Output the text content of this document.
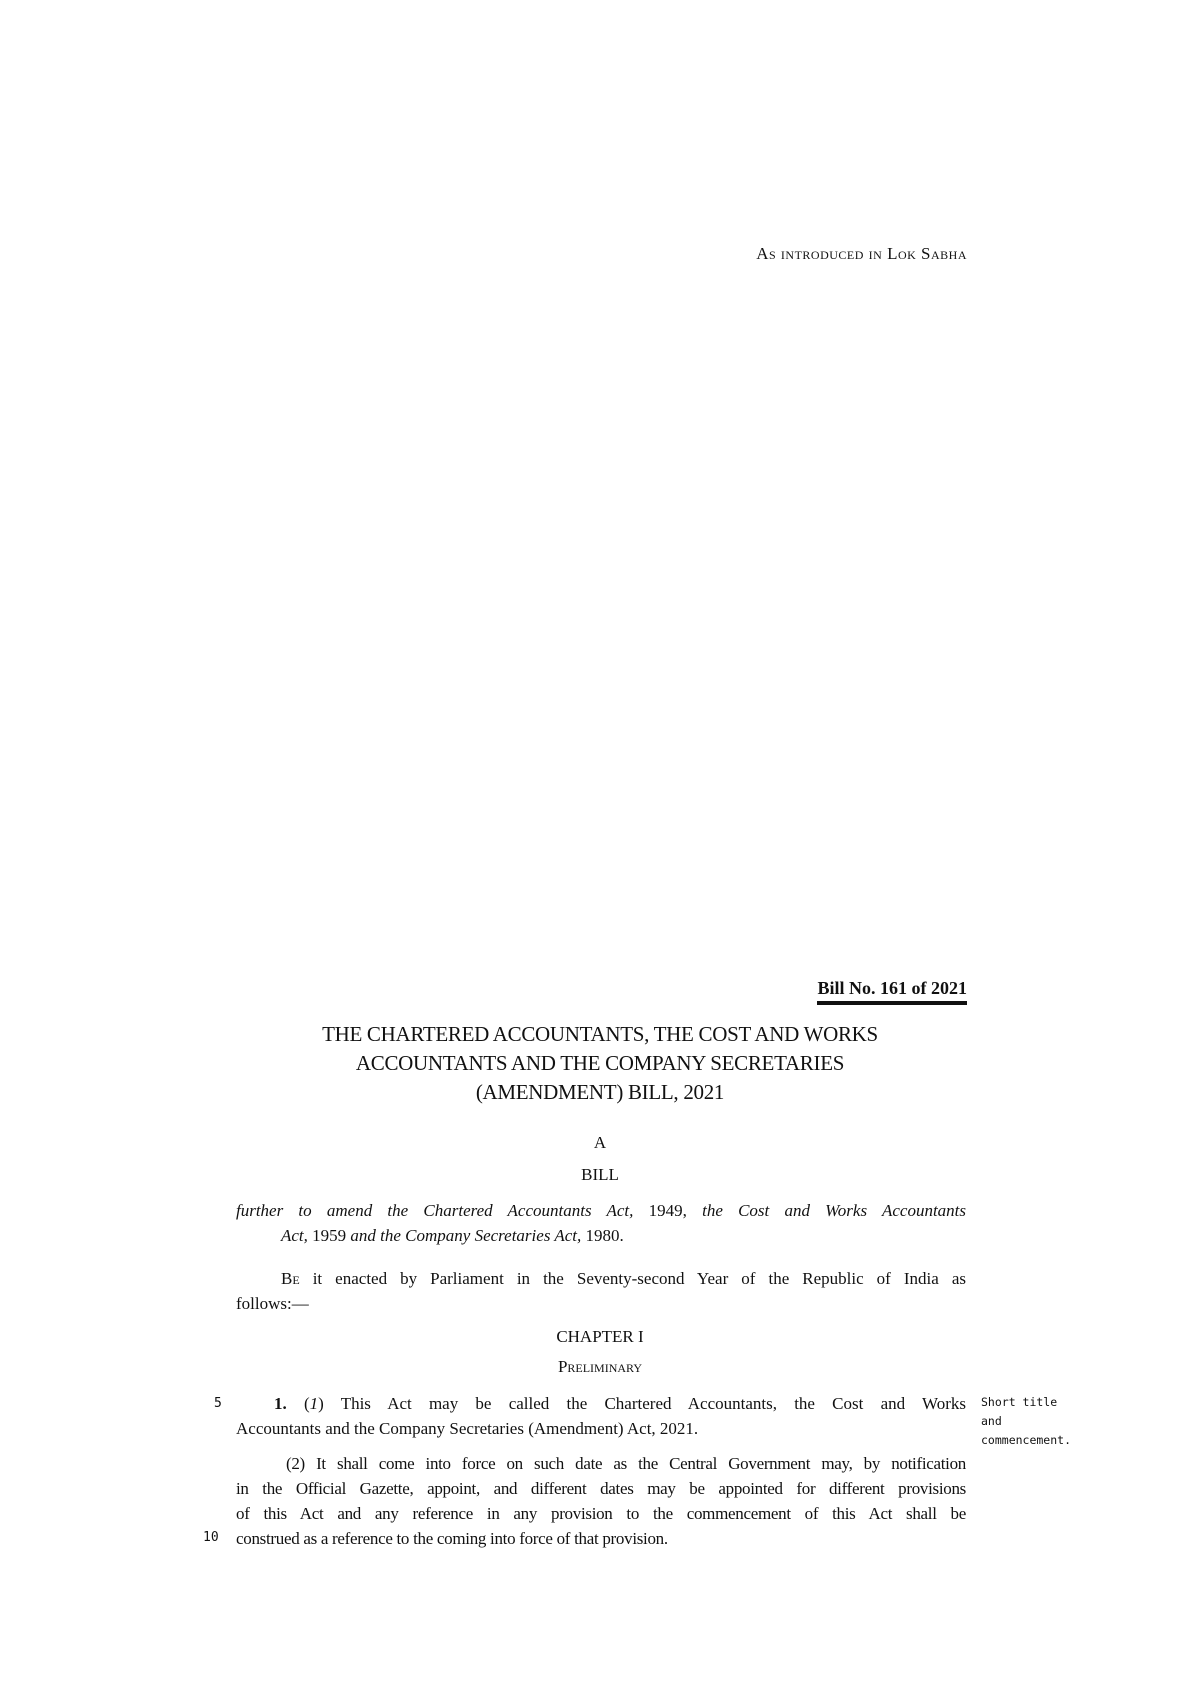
As introduced in Lok Sabha
Bill No. 161 of 2021
THE CHARTERED ACCOUNTANTS, THE COST AND WORKS
ACCOUNTANTS AND THE COMPANY SECRETARIES
(AMENDMENT) BILL, 2021
A
BILL
further to amend the Chartered Accountants Act, 1949, the Cost and Works Accountants
Act, 1959 and the Company Secretaries Act, 1980.
Be it enacted by Parliament in the Seventy-second Year of the Republic of India as
follows:—
CHAPTER I
Preliminary
5	1. (1) This Act may be called the Chartered Accountants, the Cost and Works
Accountants and the Company Secretaries (Amendment) Act, 2021.
Short title
and
commencement.
(2) It shall come into force on such date as the Central Government may, by notification
in the Official Gazette, appoint, and different dates may be appointed for different provisions
of this Act and any reference in any provision to the commencement of this Act shall be
construed as a reference to the coming into force of that provision.
10
